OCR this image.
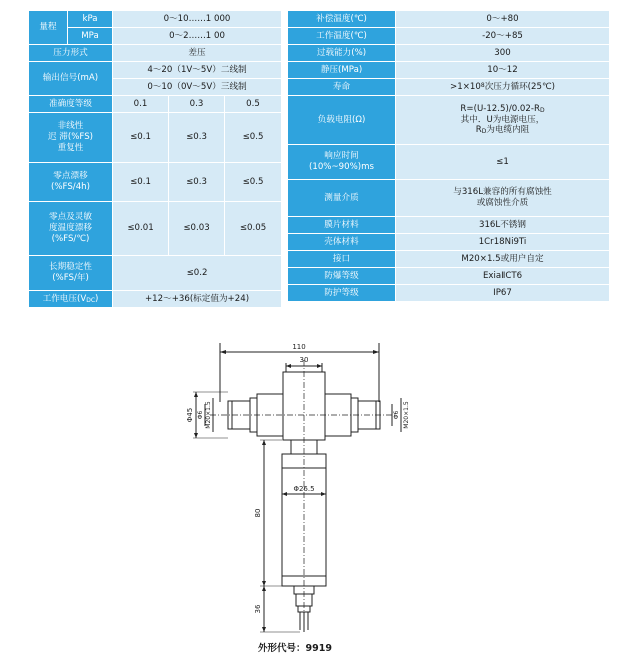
量程	kPa	0～10……1 000		
	MPa	0～2……1 00		
压力形式		差压		
输出信号(mA)		4～20（1V～5V）二线制		
		0～10（0V～5V）三线制		
准确度等级		0.1	0.3	0.5

非线性
迟 滞(%FS)
重复性		≤0.1	≤0.3	≤0.5

零点漂移
(%FS/4h)		≤0.1	≤0.3	≤0.5

零点及灵敏
度温度漂移
(%FS/℃)		≤0.01	≤0.03	≤0.05

长期稳定性
(%FS/年)		≤0.2		
工作电压(VDC)		+12～+36(标定值为+24)		
补偿温度(℃)	0～+80
工作温度(℃)	-20～+85
过载能力(%)	300
静压(MPa)	10～12
寿命	$>1\times 10^8$次压力循环(25℃)
负载电阻(Ω)	R=(U-12.5)/0.02-RD
其中．U为电源电压，
RD为电缆内阻

响应时间
(10%~90%)ms	≤1
测量介质	与316L兼容的所有腐蚀性
或腐蚀性介质

膜片材料	316L不锈钢
壳体材料	1Cr18Ni9Ti
接口	M20×1.5或用户自定
防爆等级	ExiaⅡCT6
防护等级	IP67
110
30
Φ45 Φ6 M20×1.5	Φ6 M20×1.5
Φ26.5
80
36
外形代号：9919
